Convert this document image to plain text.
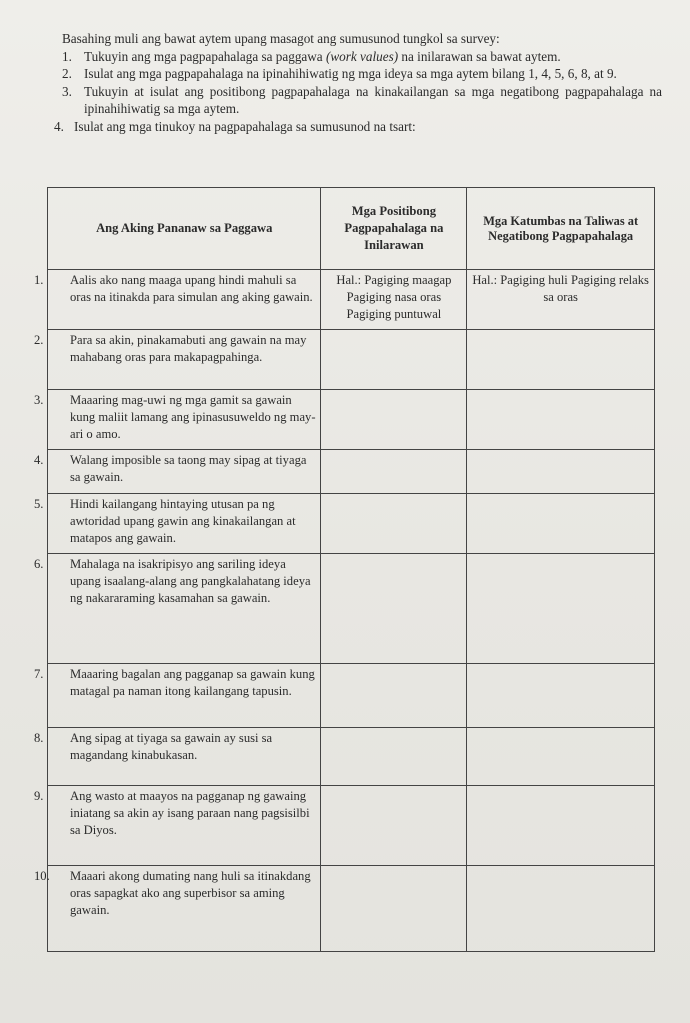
Basahing muli ang bawat aytem upang masagot ang sumusunod tungkol sa survey:

1. Tukuyin ang mga pagpapahalaga sa paggawa (work values) na inilarawan sa bawat aytem.
2. Isulat ang mga pagpapahalaga na ipinahihiwatig ng mga ideya sa mga aytem bilang 1, 4, 5, 6, 8, at 9.
3. Tukuyin at isulat ang positibong pagpapahalaga na kinakailangan sa mga negatibong pagpapahalaga na ipinahihiwatig sa mga aytem.
4. Isulat ang mga tinukoy na pagpapahalaga sa sumusunod na tsart:
Ang Aking Pananaw sa Paggawa	Mga Positibong Pagpapahalaga na Inilarawan	Mga Katumbas na Taliwas at Negatibong Pagpapahalaga

1. Aalis ako nang maaga upang hindi mahuli sa oras na itinakda para simulan ang aking gawain.	Hal.: Pagiging maagap Pagiging nasa oras Pagiging puntuwal	Hal.: Pagiging huli Pagiging relaks sa oras

2. Para sa akin, pinakamabuti ang gawain na may mahabang oras para makapagpahinga.		

3. Maaaring mag-uwi ng mga gamit sa gawain kung maliit lamang ang ipinasusuweldo ng may-ari o amo.		

4. Walang imposible sa taong may sipag at tiyaga sa gawain.		

5. Hindi kailangang hintaying utusan pa ng awtoridad upang gawin ang kinakailangan at matapos ang gawain.		

6. Mahalaga na isakripisyo ang sariling ideya upang isaalang-alang ang pangkalahatang ideya ng nakararaming kasamahan sa gawain.		

7. Maaaring bagalan ang pagganap sa gawain kung matagal pa naman itong kailangang tapusin.		

8. Ang sipag at tiyaga sa gawain ay susi sa magandang kinabukasan.		

9. Ang wasto at maayos na pagganap ng gawaing iniatang sa akin ay isang paraan nang pagsisilbi sa Diyos.		

10. Maaari akong dumating nang huli sa itinakdang oras sapagkat ako ang superbisor sa aming gawain.		
